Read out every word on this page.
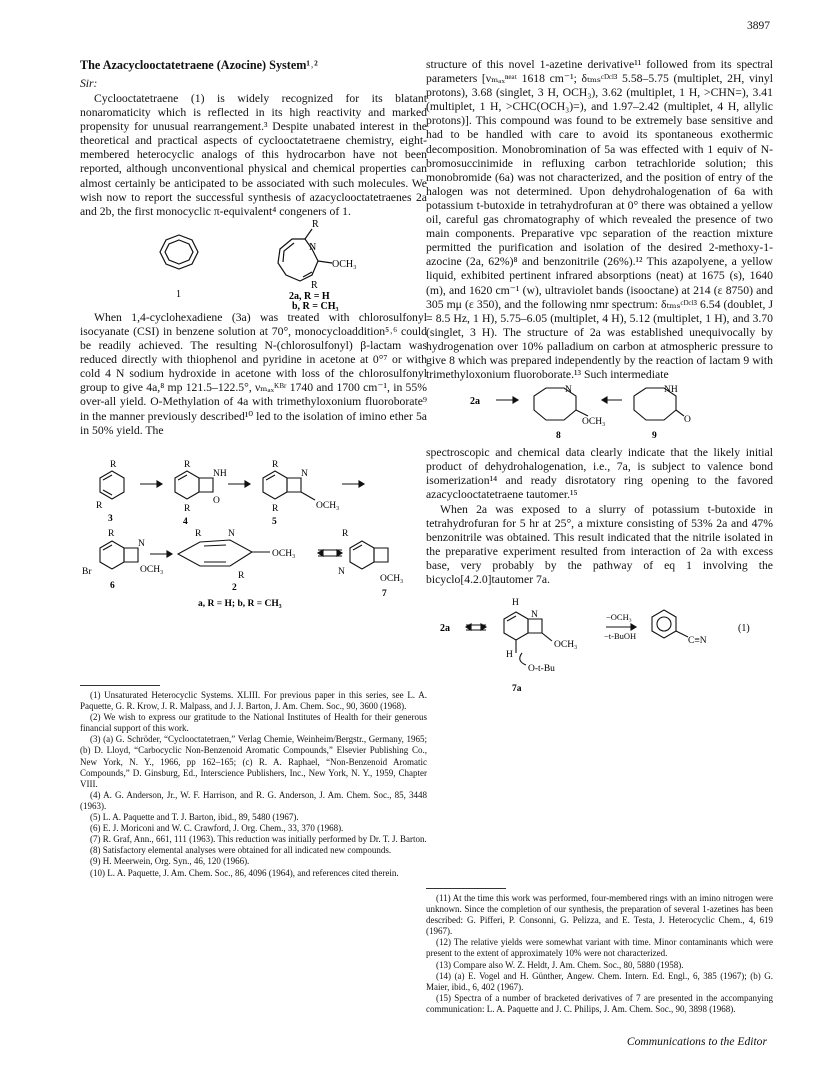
3897
The Azacyclooctatetraene (Azocine) System¹˒²
Sir:

Cyclooctatetraene (1) is widely recognized for its blatant nonaromaticity which is reflected in its high reactivity and marked propensity for unusual rearrangement.³ Despite unabated interest in the theoretical and practical aspects of cyclooctatetraene chemistry, eight-membered heterocyclic analogs of this hydrocarbon have not been reported, although unconventional physical and chemical properties can almost certainly be anticipated to be associated with such molecules. We wish now to report the successful synthesis of azacyclooctatetraenes 2a and 2b, the first monocyclic π-equivalent⁴ congeners of 1.

1
R
N
OCH₃
R
2a, R = H
b, R = CH₃

When 1,4-cyclohexadiene (3a) was treated with chlorosulfonyl isocyanate (CSI) in benzene solution at 70°, monocycloaddition⁵˒⁶ could be readily achieved. The resulting N-(chlorosulfonyl) β-lactam was reduced directly with thiophenol and pyridine in acetone at 0°⁷ or with cold 4 N sodium hydroxide in acetone with loss of the chlorosulfonyl group to give 4a,⁸ mp 121.5–122.5°, νₘₐₓᴷᴮʳ 1740 and 1700 cm⁻¹, in 55% over-all yield. O-Methylation of 4a with trimethyloxonium fluoroborate⁹ in the manner previously described¹⁰ led to the isolation of imino ether 5a in 50% yield. The

R
R
3
R
NH
O
R
4
R
N
OCH₃
R
5
R
N
Br	OCH₃
6
R	N
OCH₃
R
2
R
N
OCH₃
7
a, R = H; b, R = CH₃
(1) Unsaturated Heterocyclic Systems. XLIII. For previous paper in this series, see L. A. Paquette, G. R. Krow, J. R. Malpass, and J. J. Barton, J. Am. Chem. Soc., 90, 3600 (1968).
(2) We wish to express our gratitude to the National Institutes of Health for their generous financial support of this work.
(3) (a) G. Schröder, “Cyclooctatetraen,” Verlag Chemie, Weinheim/Bergstr., Germany, 1965; (b) D. Lloyd, “Carbocyclic Non-Benzenoid Aromatic Compounds,” Elsevier Publishing Co., New York, N. Y., 1966, pp 162–165; (c) R. A. Raphael, “Non-Benzenoid Aromatic Compounds,” D. Ginsburg, Ed., Interscience Publishers, Inc., New York, N. Y., 1959, Chapter VIII.
(4) A. G. Anderson, Jr., W. F. Harrison, and R. G. Anderson, J. Am. Chem. Soc., 85, 3448 (1963).
(5) L. A. Paquette and T. J. Barton, ibid., 89, 5480 (1967).
(6) E. J. Moriconi and W. C. Crawford, J. Org. Chem., 33, 370 (1968).
(7) R. Graf, Ann., 661, 111 (1963). This reduction was initially performed by Dr. T. J. Barton.
(8) Satisfactory elemental analyses were obtained for all indicated new compounds.
(9) H. Meerwein, Org. Syn., 46, 120 (1966).
(10) L. A. Paquette, J. Am. Chem. Soc., 86, 4096 (1964), and references cited therein.

structure of this novel 1-azetine derivative¹¹ followed from its spectral parameters [νₘₐₓⁿᵉᵃᵗ 1618 cm⁻¹; δₜₘₛᶜᴰᶜˡ³ 5.58–5.75 (multiplet, 2H, vinyl protons), 3.68 (singlet, 3 H, OCH₃), 3.62 (multiplet, 1 H, >CHN=), 3.41 (multiplet, 1 H, >CHC(OCH₃)=), and 1.97–2.42 (multiplet, 4 H, allylic protons)]. This compound was found to be extremely base sensitive and had to be handled with care to avoid its spontaneous exothermic decomposition. Monobromination of 5a was effected with 1 equiv of N-bromosuccinimide in refluxing carbon tetrachloride solution; this monobromide (6a) was not characterized, and the position of entry of the halogen was not determined. Upon dehydrohalogenation of 6a with potassium t-butoxide in tetrahydrofuran at 0° there was obtained a yellow oil, careful gas chromatography of which revealed the presence of two main components. Preparative vpc separation of the reaction mixture permitted the purification and isolation of the desired 2-methoxy-1-azocine (2a, 62%)⁸ and benzonitrile (26%).¹² This azapolyene, a yellow liquid, exhibited pertinent infrared absorptions (neat) at 1675 (s), 1640 (m), and 1620 cm⁻¹ (w), ultraviolet bands (isooctane) at 214 (ε 8750) and 305 mμ (ε 350), and the following nmr spectrum: δₜₘₛᶜᴰᶜˡ³ 6.54 (doublet, J = 8.5 Hz, 1 H), 5.75–6.05 (multiplet, 4 H), 5.12 (multiplet, 1 H), and 3.70 (singlet, 3 H). The structure of 2a was established unequivocally by hydrogenation over 10% palladium on carbon at atmospheric pressure to give 8 which was prepared independently by the reaction of lactam 9 with trimethyloxonium fluoroborate.¹³ Such intermediate

2a
N
OCH₃
8
NH
O
9

spectroscopic and chemical data clearly indicate that the likely initial product of dehydrohalogenation, i.e., 7a, is subject to valence bond isomerization¹⁴ and ready disrotatory ring opening to the favored azacyclooctatetraene tautomer.¹⁵

When 2a was exposed to a slurry of potassium t-butoxide in tetrahydrofuran for 5 hr at 25°, a mixture consisting of 53% 2a and 47% benzonitrile was obtained. This result indicated that the nitrile isolated in the preparative experiment resulted from interaction of 2a with excess base, very probably by the pathway of eq 1 involving the bicyclo[4.2.0]tautomer 7a.

2a
H
N
OCH₃
H
O-t-Bu
−OCH₃
−t-BuOH	C≡N
(1)
7a
(11) At the time this work was performed, four-membered rings with an imino nitrogen were unknown. Since the completion of our synthesis, the preparation of several 1-azetines has been described: G. Pifferi, P. Consonni, G. Pelizza, and E. Testa, J. Heterocyclic Chem., 4, 619 (1967).
(12) The relative yields were somewhat variant with time. Minor contaminants which were present to the extent of approximately 10% were not characterized.
(13) Compare also W. Z. Heldt, J. Am. Chem. Soc., 80, 5880 (1958).
(14) (a) E. Vogel and H. Günther, Angew. Chem. Intern. Ed. Engl., 6, 385 (1967); (b) G. Maier, ibid., 6, 402 (1967).
(15) Spectra of a number of bracketed derivatives of 7 are presented in the accompanying communication: L. A. Paquette and J. C. Philips, J. Am. Chem. Soc., 90, 3898 (1968).
Communications to the Editor
